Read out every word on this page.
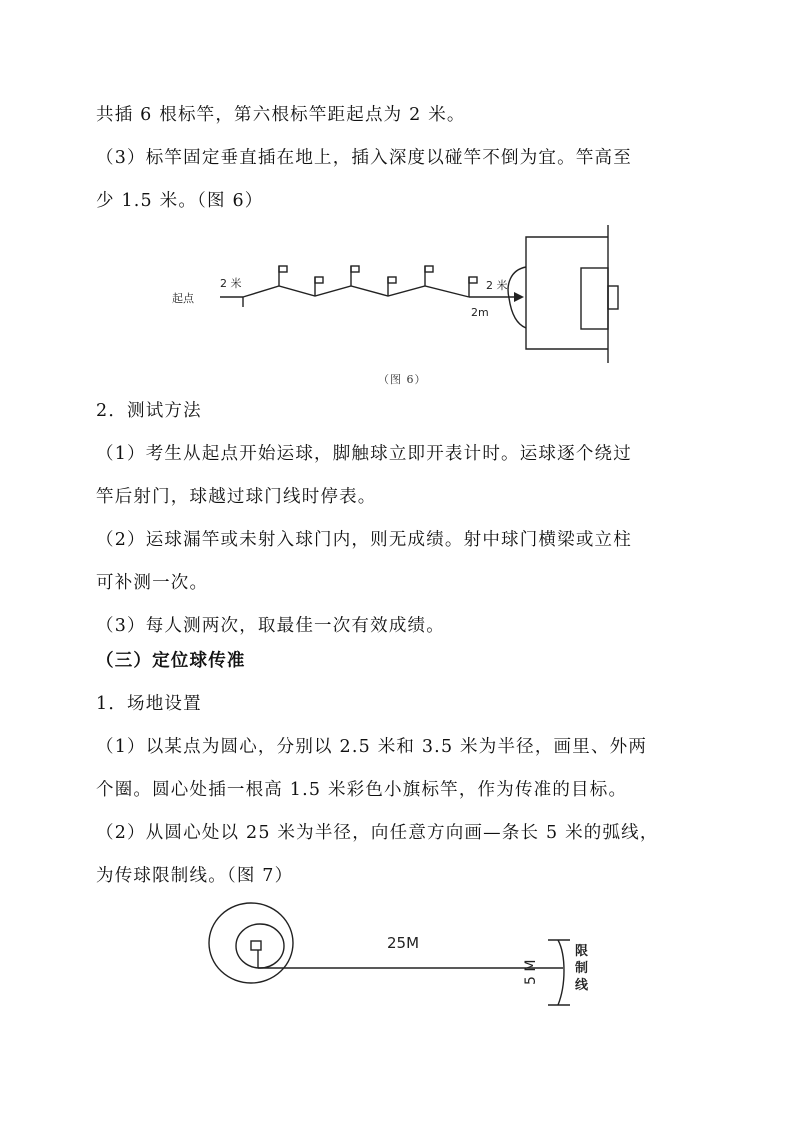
共插 6 根标竿，第六根标竿距起点为 2 米。
（3）标竿固定垂直插在地上，插入深度以碰竿不倒为宜。竿高至
少 1.5 米。（图 6）
起点
2 米	2 米
2m
（图 6）
2．测试方法
（1）考生从起点开始运球，脚触球立即开表计时。运球逐个绕过
竿后射门，球越过球门线时停表。
（2）运球漏竿或未射入球门内，则无成绩。射中球门横梁或立柱
可补测一次。
（3）每人测两次，取最佳一次有效成绩。
（三）定位球传准
1．场地设置
（1）以某点为圆心，分别以 2.5 米和 3.5 米为半径，画里、外两
个圈。圆心处插一根高 1.5 米彩色小旗标竿，作为传准的目标。
（2）从圆心处以 25 米为半径，向任意方向画—条长 5 米的弧线，
为传球限制线。（图 7）
25M
5 M
限
制
线
